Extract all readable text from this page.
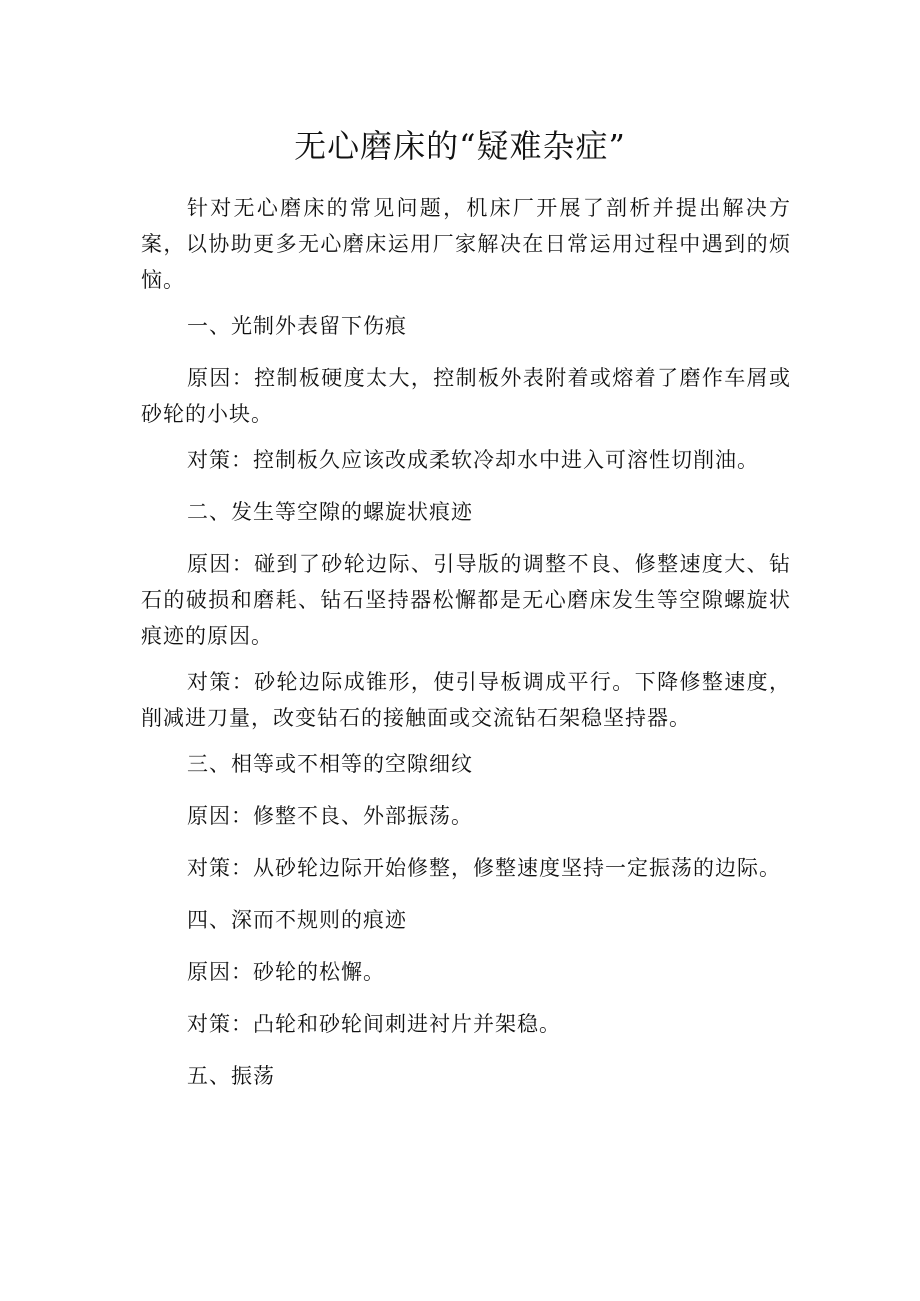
无心磨床的“疑难杂症”

针对无心磨床的常见问题，机床厂开展了剖析并提出解决方案，以协助更多无心磨床运用厂家解决在日常运用过程中遇到的烦恼。

一、光制外表留下伤痕

原因：控制板硬度太大，控制板外表附着或熔着了磨作车屑或砂轮的小块。

对策：控制板久应该改成柔软冷却水中进入可溶性切削油。

二、发生等空隙的螺旋状痕迹

原因：碰到了砂轮边际、引导版的调整不良、修整速度大、钻石的破损和磨耗、钻石坚持器松懈都是无心磨床发生等空隙螺旋状痕迹的原因。

对策：砂轮边际成锥形，使引导板调成平行。下降修整速度，削减进刀量，改变钻石的接触面或交流钻石架稳坚持器。

三、相等或不相等的空隙细纹

原因：修整不良、外部振荡。

对策：从砂轮边际开始修整，修整速度坚持一定振荡的边际。

四、深而不规则的痕迹

原因：砂轮的松懈。

对策：凸轮和砂轮间刺进衬片并架稳。

五、振荡
